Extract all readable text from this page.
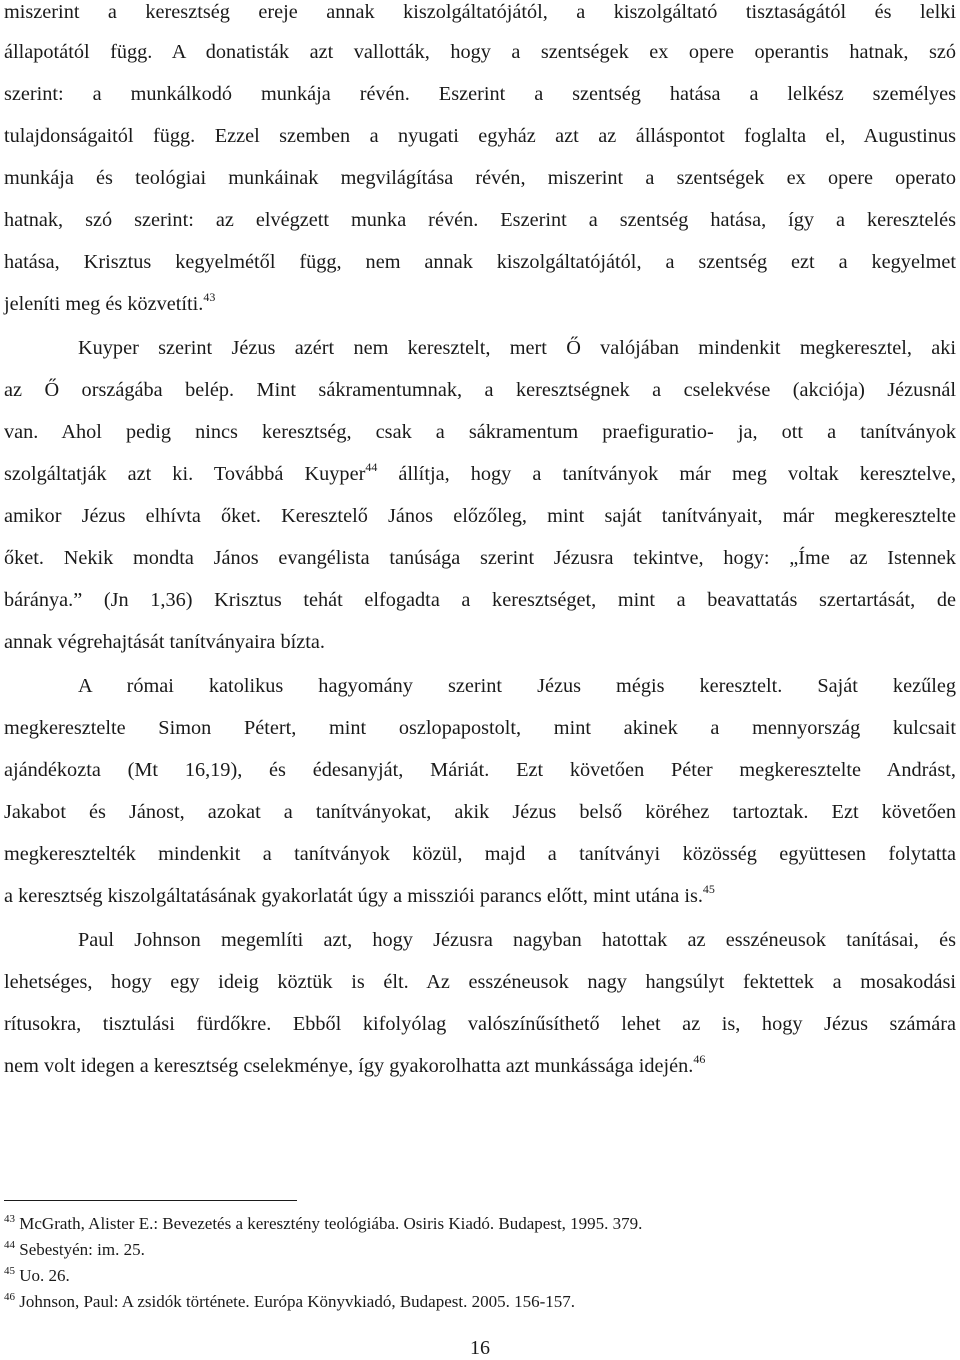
miszerint a keresztség ereje annak kiszolgáltatójától, a kiszolgáltató tisztaságától és lelki
állapotától függ. A donatisták azt vallották, hogy a szentségek ex opere operantis hatnak, szó
szerint: a munkálkodó munkája révén. Eszerint a szentség hatása a lelkész személyes
tulajdonságaitól függ. Ezzel szemben a nyugati egyház azt az álláspontot foglalta el, Augustinus
munkája és teológiai munkáinak megvilágítása révén, miszerint a szentségek ex opere operato
hatnak, szó szerint: az elvégzett munka révén. Eszerint a szentség hatása, így a keresztelés
hatása, Krisztus kegyelmétől függ, nem annak kiszolgáltatójától, a szentség ezt a kegyelmet
jeleníti meg és közvetíti.$^{43}$
Kuyper szerint Jézus azért nem keresztelt, mert Ő valójában mindenkit megkeresztel, aki
az Ő országába belép. Mint sákramentumnak, a keresztségnek a cselekvése (akciója) Jézusnál
van. Ahol pedig nincs keresztség, csak a sákramentum praefiguratio- ja, ott a tanítványok
szolgáltatják azt ki. Továbbá Kuyper$^{44}$ állítja, hogy a tanítványok már meg voltak keresztelve,
amikor Jézus elhívta őket. Keresztelő János előzőleg, mint saját tanítványait, már megkeresztelte
őket. Nekik mondta János evangélista tanúsága szerint Jézusra tekintve, hogy: „Íme az Istennek
báránya.” (Jn 1,36) Krisztus tehát elfogadta a keresztséget, mint a beavattatás szertartását, de
annak végrehajtását tanítványaira bízta.
A római katolikus hagyomány szerint Jézus mégis keresztelt. Saját kezűleg
megkeresztelte Simon Pétert, mint oszlopapostolt, mint akinek a mennyország kulcsait
ajándékozta (Mt 16,19), és édesanyját, Máriát. Ezt követően Péter megkeresztelte Andrást,
Jakabot és Jánost, azokat a tanítványokat, akik Jézus belső köréhez tartoztak. Ezt követően
megkeresztelték mindenkit a tanítványok közül, majd a tanítványi közösség együttesen folytatta
a keresztség kiszolgáltatásának gyakorlatát úgy a missziói parancs előtt, mint utána is.$^{45}$
Paul Johnson megemlíti azt, hogy Jézusra nagyban hatottak az esszéneusok tanításai, és
lehetséges, hogy egy ideig köztük is élt. Az esszéneusok nagy hangsúlyt fektettek a mosakodási
rítusokra, tisztulási fürdőkre. Ebből kifolyólag valószínűsíthető lehet az is, hogy Jézus számára
nem volt idegen a keresztség cselekménye, így gyakorolhatta azt munkássága idején.$^{46}$
$^{43}$ McGrath, Alister E.: Bevezetés a keresztény teológiába. Osiris Kiadó. Budapest, 1995. 379.
$^{44}$ Sebestyén: im. 25.
$^{45}$ Uo. 26.
$^{46}$ Johnson, Paul: A zsidók története. Európa Könyvkiadó, Budapest. 2005. 156-157.
16
